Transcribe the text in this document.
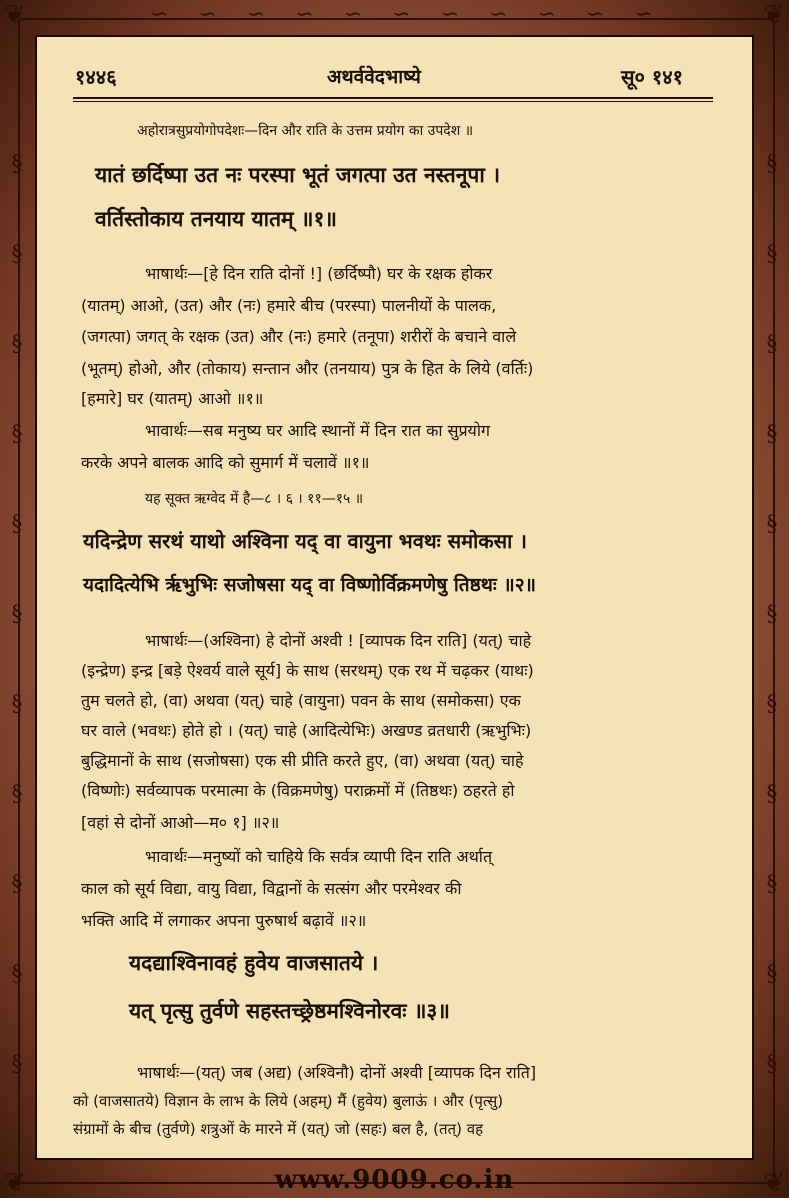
❦	❦
❦	❦
∽∽∽∽∽∽∽∽∽∽∽
§
§
§
§
§
§
§
§
§
§
§
§
§
§
§
§
§
§
§
§
§
§
१४४६	अथर्ववेदभाष्ये	सू० १४१
अहोरात्रसुप्रयोगोपदेशः—दिन और राति के उत्तम प्रयोग का उपदेश ॥
यातं छर्दिष्पा उत नः परस्पा भूतं जगत्पा उत नस्तनूपा ।
वर्तिस्तोकाय तनयाय यातम् ॥१॥
भाषार्थः—[हे दिन राति दोनों !] (छर्दिष्पौ) घर के रक्षक होकर
(यातम्) आओ, (उत) और (नः) हमारे बीच (परस्पा) पालनीयों के पालक,
(जगत्पा) जगत् के रक्षक (उत) और (नः) हमारे (तनूपा) शरीरों के बचाने वाले
(भूतम्) होओ, और (तोकाय) सन्तान और (तनयाय) पुत्र के हित के लिये (वर्तिः)
[हमारे] घर (यातम्) आओ ॥१॥
भावार्थः—सब मनुष्य घर आदि स्थानों में दिन रात का सुप्रयोग
करके अपने बालक आदि को सुमार्ग में चलावें ॥१॥
यह सूक्त ऋग्वेद में है—८ । ६ । ११—१५ ॥
यदिन्द्रेण सरथं याथो अश्विना यद् वा वायुना भवथः समोकसा ।
यदादित्येभि र्ऋभुभिः सजोषसा यद् वा विष्णोर्विक्रमणेषु तिष्ठथः ॥२॥
भाषार्थः—(अश्विना) हे दोनों अश्वी ! [व्यापक दिन राति] (यत्) चाहे
(इन्द्रेण) इन्द्र [बड़े ऐश्वर्य वाले सूर्य] के साथ (सरथम्) एक रथ में चढ़कर (याथः)
तुम चलते हो, (वा) अथवा (यत्) चाहे (वायुना) पवन के साथ (समोकसा) एक
घर वाले (भवथः) होते हो । (यत्) चाहे (आदित्येभिः) अखण्ड व्रतधारी (ऋभुभिः)
बुद्धिमानों के साथ (सजोषसा) एक सी प्रीति करते हुए, (वा) अथवा (यत्) चाहे
(विष्णोः) सर्वव्यापक परमात्मा के (विक्रमणेषु) पराक्रमों में (तिष्ठथः) ठहरते हो
[वहां से दोनों आओ—म० १] ॥२॥
भावार्थः—मनुष्यों को चाहिये कि सर्वत्र व्यापी दिन राति अर्थात्
काल को सूर्य विद्या, वायु विद्या, विद्वानों के सत्संग और परमेश्वर की
भक्ति आदि में लगाकर अपना पुरुषार्थ बढ़ावें ॥२॥
यदद्याश्विनावहं हुवेय वाजसातये ।
यत् पृत्सु तुर्वणे सहस्तच्छ्रेष्ठमश्विनोरवः ॥३॥
भाषार्थः—(यत्) जब (अद्य) (अश्विनौ) दोनों अश्वी [व्यापक दिन राति]
को (वाजसातये) विज्ञान के लाभ के लिये (अहम्) मैं (हुवेय) बुलाऊं । और (पृत्सु)
संग्रामों के बीच (तुर्वणे) शत्रुओं के मारने में (यत्) जो (सहः) बल है, (तत्) वह
www.9009.co.in
